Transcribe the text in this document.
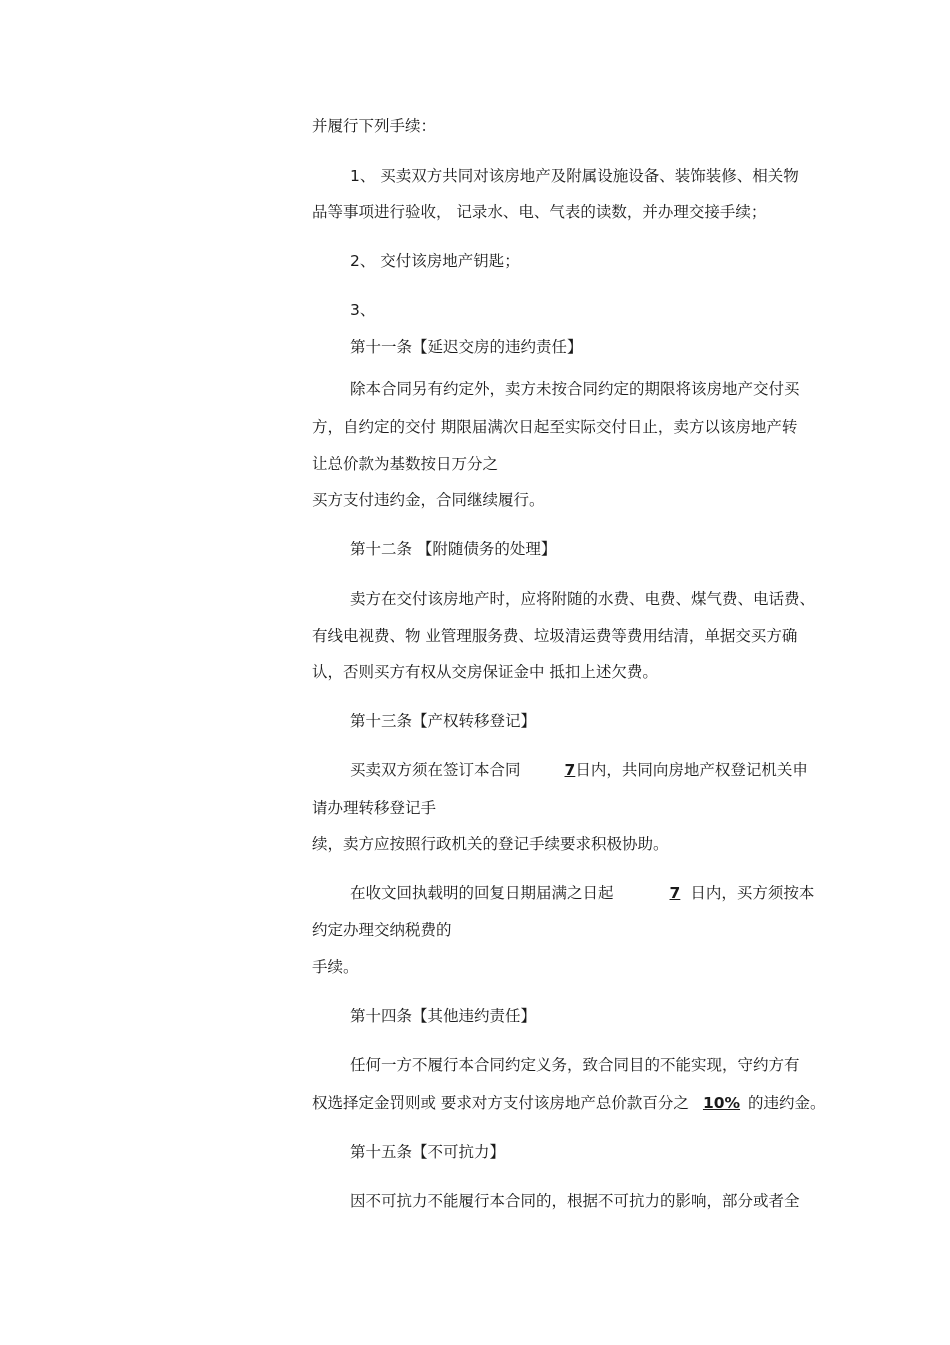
并履行下列手续：
1、 买卖双方共同对该房地产及附属设施设备、装饰装修、相关物
品等事项进行验收， 记录水、电、气表的读数，并办理交接手续；
2、 交付该房地产钥匙；
3、
第十一条【延迟交房的违约责任】
除本合同另有约定外，卖方未按合同约定的期限将该房地产交付买
方，自约定的交付 期限届满次日起至实际交付日止，卖方以该房地产转
让总价款为基数按日万分之
买方支付违约金，合同继续履行。
第十二条 【附随债务的处理】
卖方在交付该房地产时，应将附随的水费、电费、煤气费、电话费、
有线电视费、物 业管理服务费、垃圾清运费等费用结清，单据交买方确
认，否则买方有权从交房保证金中 抵扣上述欠费。
第十三条【产权转移登记】
买卖双方须在签订本合同	7日内，共同向房地产权登记机关申
请办理转移登记手
续，卖方应按照行政机关的登记手续要求积极协助。
在收文回执载明的回复日期届满之日起	7 日内，买方须按本
约定办理交纳税费的
手续。
第十四条【其他违约责任】
任何一方不履行本合同约定义务，致合同目的不能实现，守约方有
权选择定金罚则或 要求对方支付该房地产总价款百分之 10% 的违约金。
第十五条【不可抗力】
因不可抗力不能履行本合同的，根据不可抗力的影响，部分或者全
